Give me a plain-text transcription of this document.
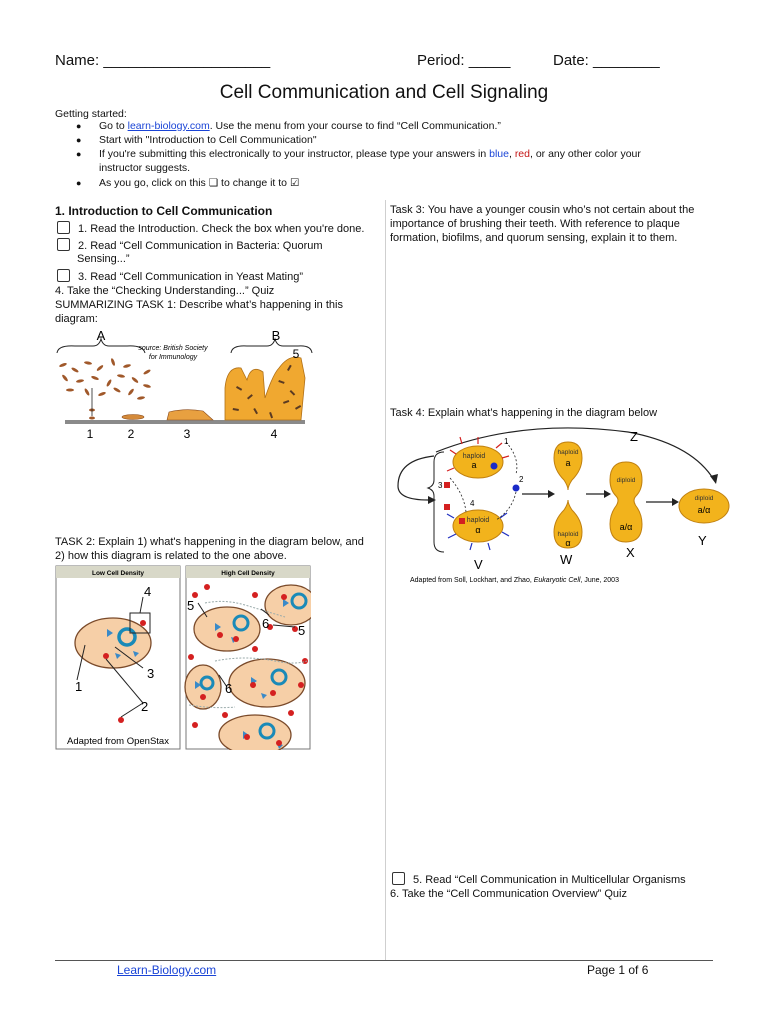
Name: ____________________	Period: _____	Date: ________
Cell Communication and Cell Signaling
Getting started:
● Go to learn-biology.com. Use the menu from your course to find “Cell Communication.”
● Start with "Introduction to Cell Communication"
● If you're submitting this electronically to your instructor, please type your answers in blue, red, or any other color your
instructor suggests.
● As you go, click on this ❏ to change it to ☑
1. Introduction to Cell Communication
1. Read the Introduction. Check the box when you're done.
2. Read “Cell Communication in Bacteria: Quorum
Sensing...”
3. Read “Cell Communication in Yeast Mating”
4. Take the “Checking Understanding...” Quiz
SUMMARIZING TASK 1: Describe what’s happening in this
diagram:
A
source: British Society
for Immunology
B
1	2	3	4
5
TASK 2: Explain 1) what's happening in the diagram below, and
2) how this diagram is related to the one above.
Low Cell Density	High Cell Density
4
3
1
2
Adapted from OpenStax
5
6 5
6
Task 3: You have a younger cousin who’s not certain about the
importance of brushing their teeth. With reference to plaque
formation, biofilms, and quorum sensing, explain it to them.
Task 4: Explain what’s happening in the diagram below
Z
haploid
a
haploid
α
1
2
3
4
haploid
a
haploid
α
diploid
a/α
diploid
a/α
V	W	X
Y
Adapted from Soll, Lockhart, and Zhao, Eukaryotic Cell, June, 2003
5. Read “Cell Communication in Multicellular Organisms
6. Take the “Cell Communication Overview” Quiz
Learn-Biology.com	Page 1 of 6
